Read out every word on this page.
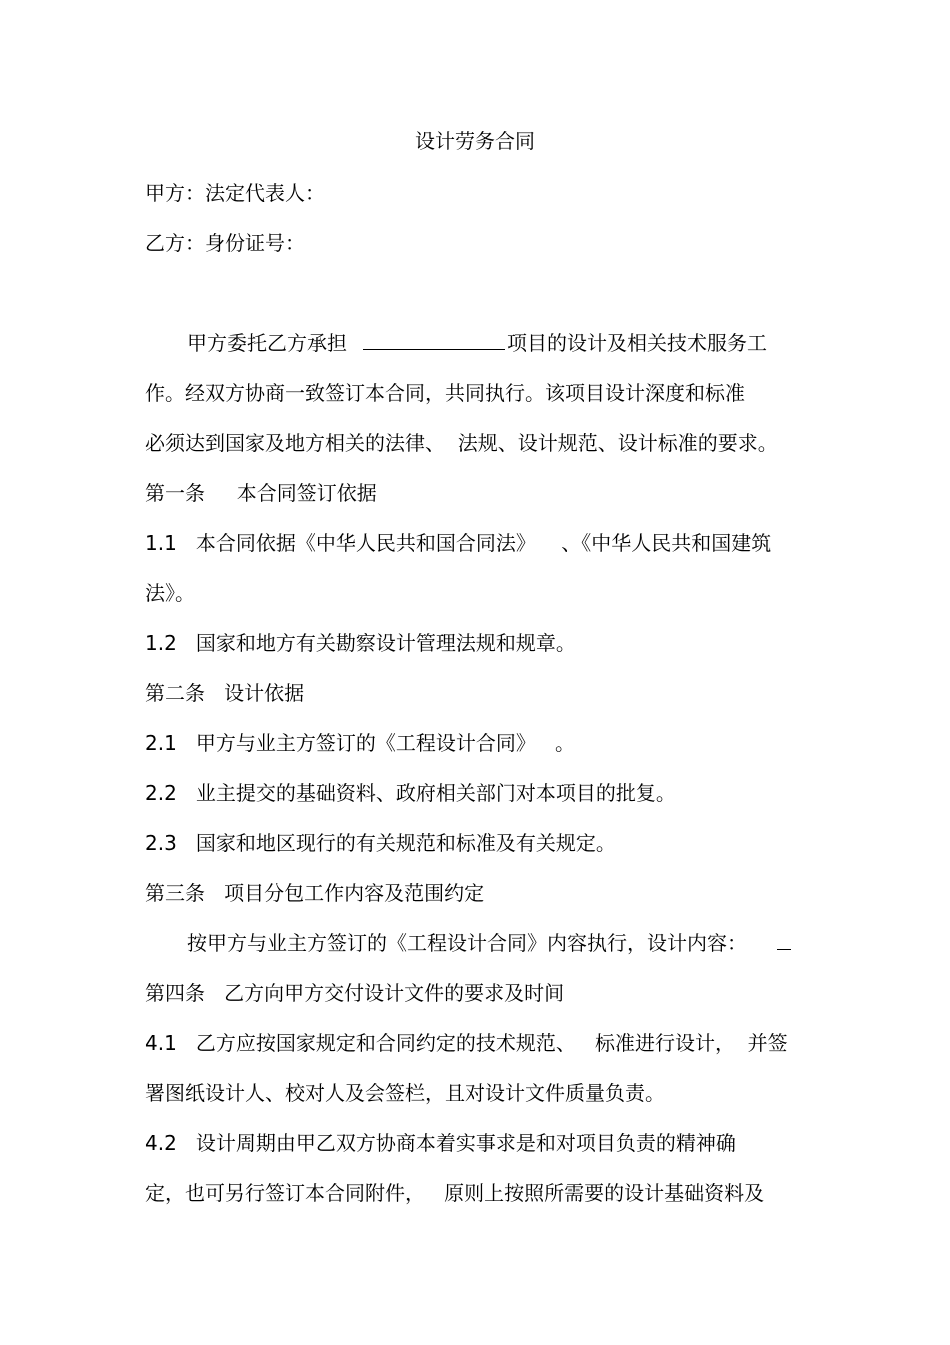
设计劳务合同
甲方：法定代表人：
乙方：身份证号：
甲方委托乙方承担	项目的设计及相关技术服务工
作。经双方协商一致签订本合同，共同执行。该项目设计深度和标准
必须达到国家及地方相关的法律、  法规、设计规范、设计标准的要求。
第一条     本合同签订依据
1.1   本合同依据《中华人民共和国合同法》    、《中华人民共和国建筑
法》。
1.2   国家和地方有关勘察设计管理法规和规章。
第二条   设计依据
2.1   甲方与业主方签订的《工程设计合同》   。
2.2   业主提交的基础资料、政府相关部门对本项目的批复。
2.3   国家和地区现行的有关规范和标准及有关规定。
第三条   项目分包工作内容及范围约定
按甲方与业主方签订的《工程设计合同》内容执行，设计内容：
第四条   乙方向甲方交付设计文件的要求及时间
4.1   乙方应按国家规定和合同约定的技术规范、   标准进行设计，  并签
署图纸设计人、校对人及会签栏，且对设计文件质量负责。
4.2   设计周期由甲乙双方协商本着实事求是和对项目负责的精神确
定，也可另行签订本合同附件，   原则上按照所需要的设计基础资料及
